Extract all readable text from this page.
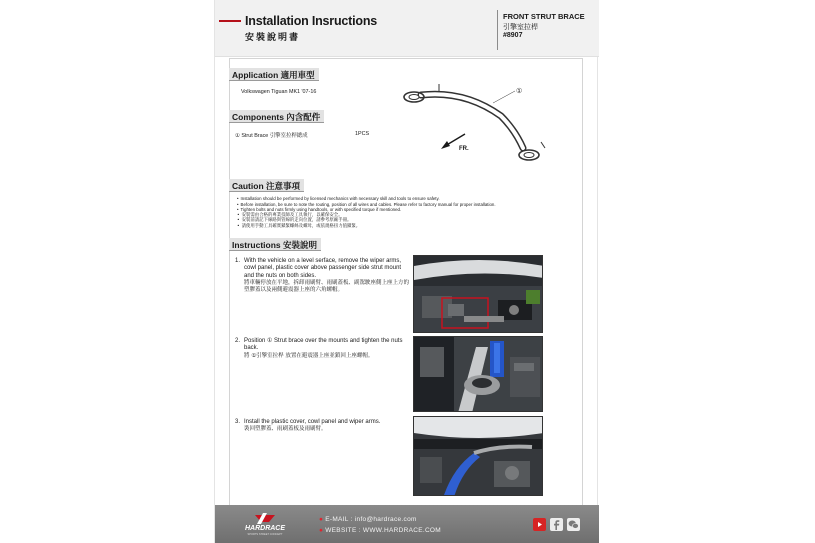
Installation Insructions
安裝說明書
FRONT STRUT BRACE
引擎室拉桿
#8907
Application 適用車型
Volkswagen Tiguan MK1 '07-16
Components 內含配件
① Strut Brace 引擎室拉桿總成	1PCS
①
FR.
Caution 注意事項
• Installation should be performed by licensed mechanics with necessary skill and tools to ensure safety.
• Before installation, be sure to note the routing, position of all wires and cables. Please refer to factory manual for proper installation.
• Tighten bolts and nuts firmly using handtools, or with specified torque if mentioned.
• 安裝需由合格的專業技師及工具執行，以確保安全。
• 安裝前請記下線路與管線的走向位置，請參考原廠手冊。
• 請使用手動工具確實鎖緊螺絲及螺母，或依規格扭力值鎖緊。
Instructions 安裝說明
1. With the vehicle on a level serface, remove the wiper arms, cowl panel, plastic cover above passenger side strut mount and the nuts on both sides.
將車輛停放在平地，拆卸雨刷臂、雨刷蓋板、副駕駛座側上座上方的塑膠蓋以及兩側避震器上座的六角螺帽。
2. Position ① Strut brace over the mounts and tighten the nuts back.
將 ①引擎室拉桿 放置在避震器上座並鎖回上座螺帽。
3. Install the plastic cover, cowl panel and wiper arms.
裝回塑膠蓋、雨刷蓋板及雨刷臂。
HARDRACE
SPORTS STREET CONCEPT
● E-MAIL : info@hardrace.com
● WEBSITE : WWW.HARDRACE.COM
